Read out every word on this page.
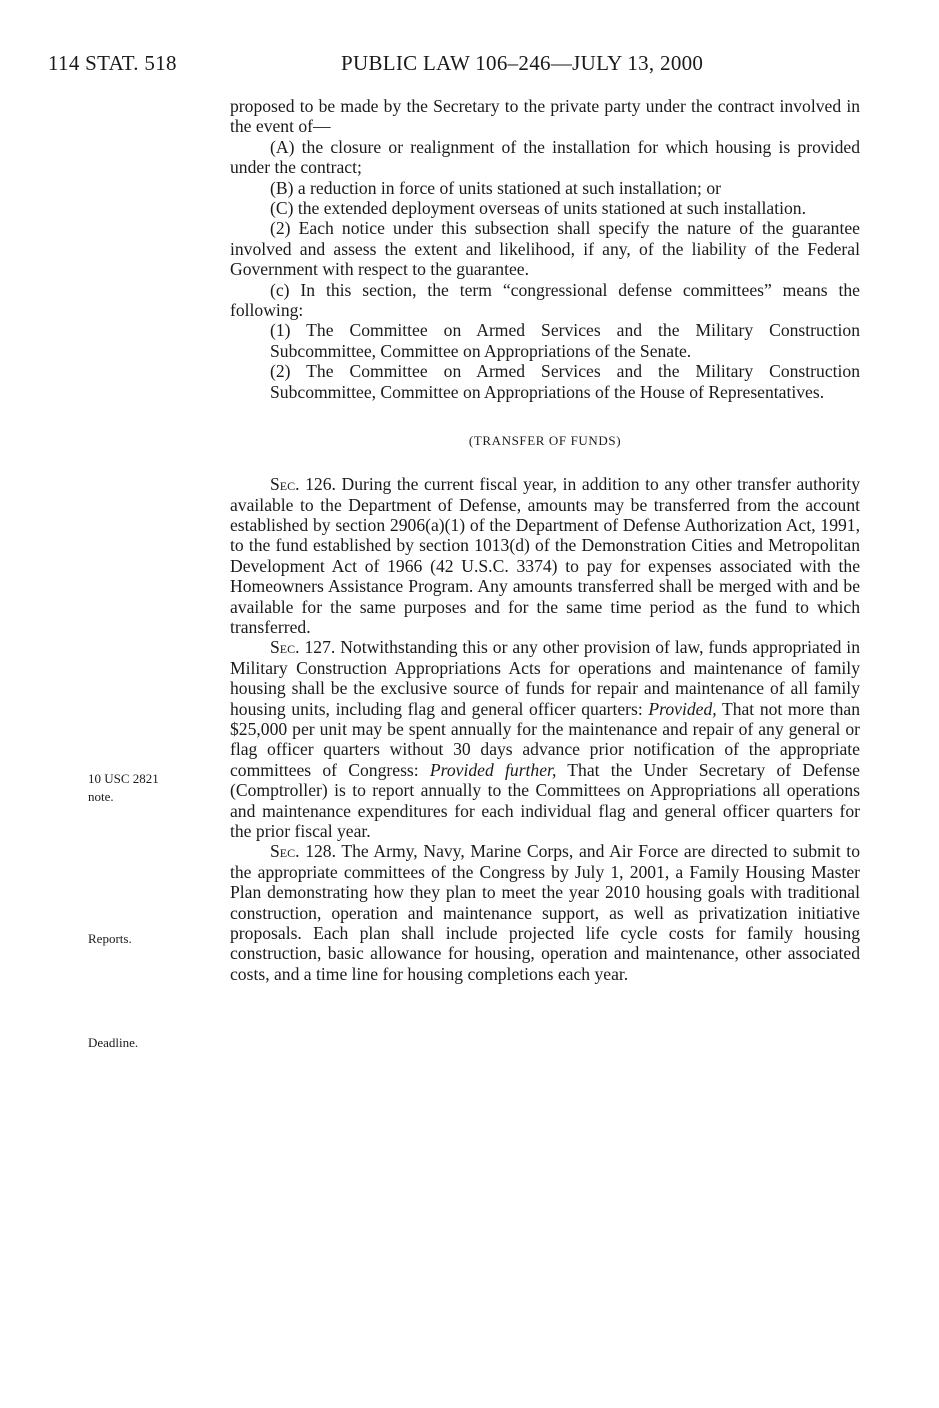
114 STAT. 518	PUBLIC LAW 106–246—JULY 13, 2000
10 USC 2821
note.
Reports.
Deadline.

proposed to be made by the Secretary to the private party under the contract involved in the event of—

(A) the closure or realignment of the installation for which housing is provided under the contract;

(B) a reduction in force of units stationed at such installation; or

(C) the extended deployment overseas of units stationed at such installation.

(2) Each notice under this subsection shall specify the nature of the guarantee involved and assess the extent and likelihood, if any, of the liability of the Federal Government with respect to the guarantee.

(c) In this section, the term “congressional defense committees” means the following:

(1) The Committee on Armed Services and the Military Construction Subcommittee, Committee on Appropriations of the Senate.

(2) The Committee on Armed Services and the Military Construction Subcommittee, Committee on Appropriations of the House of Representatives.

(TRANSFER OF FUNDS)

Sec. 126. During the current fiscal year, in addition to any other transfer authority available to the Department of Defense, amounts may be transferred from the account established by section 2906(a)(1) of the Department of Defense Authorization Act, 1991, to the fund established by section 1013(d) of the Demonstration Cities and Metropolitan Development Act of 1966 (42 U.S.C. 3374) to pay for expenses associated with the Homeowners Assistance Program. Any amounts transferred shall be merged with and be available for the same purposes and for the same time period as the fund to which transferred.

Sec. 127. Notwithstanding this or any other provision of law, funds appropriated in Military Construction Appropriations Acts for operations and maintenance of family housing shall be the exclusive source of funds for repair and maintenance of all family housing units, including flag and general officer quarters: Provided, That not more than $25,000 per unit may be spent annually for the maintenance and repair of any general or flag officer quarters without 30 days advance prior notification of the appropriate committees of Congress: Provided further, That the Under Secretary of Defense (Comptroller) is to report annually to the Committees on Appropriations all operations and maintenance expenditures for each individual flag and general officer quarters for the prior fiscal year.

Sec. 128. The Army, Navy, Marine Corps, and Air Force are directed to submit to the appropriate committees of the Congress by July 1, 2001, a Family Housing Master Plan demonstrating how they plan to meet the year 2010 housing goals with traditional construction, operation and maintenance support, as well as privatization initiative proposals. Each plan shall include projected life cycle costs for family housing construction, basic allowance for housing, operation and maintenance, other associated costs, and a time line for housing completions each year.
